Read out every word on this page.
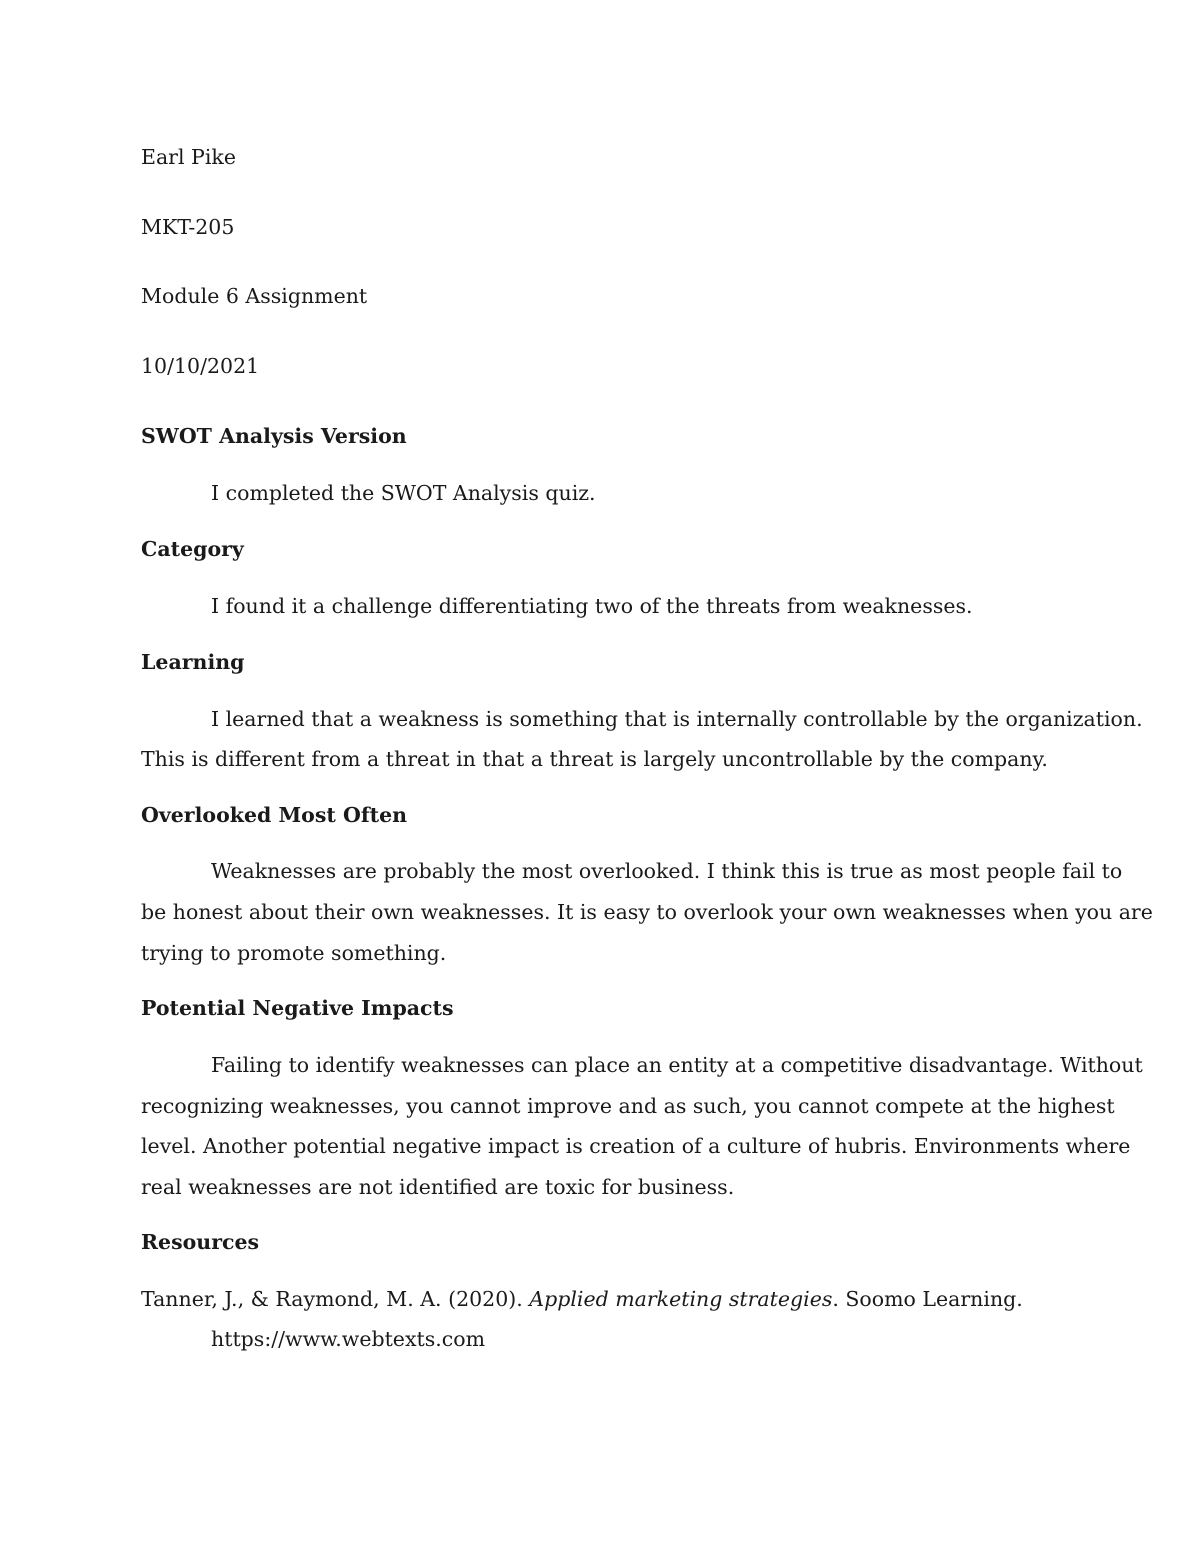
Earl Pike
MKT-205
Module 6 Assignment
10/10/2021
SWOT Analysis Version
I completed the SWOT Analysis quiz.
Category
I found it a challenge differentiating two of the threats from weaknesses.
Learning
I learned that a weakness is something that is internally controllable by the organization.
This is different from a threat in that a threat is largely uncontrollable by the company.
Overlooked Most Often
Weaknesses are probably the most overlooked. I think this is true as most people fail to
be honest about their own weaknesses. It is easy to overlook your own weaknesses when you are
trying to promote something.
Potential Negative Impacts
Failing to identify weaknesses can place an entity at a competitive disadvantage. Without
recognizing weaknesses, you cannot improve and as such, you cannot compete at the highest
level. Another potential negative impact is creation of a culture of hubris. Environments where
real weaknesses are not identified are toxic for business.
Resources
Tanner, J., & Raymond, M. A. (2020). Applied marketing strategies. Soomo Learning.
https://www.webtexts.com
